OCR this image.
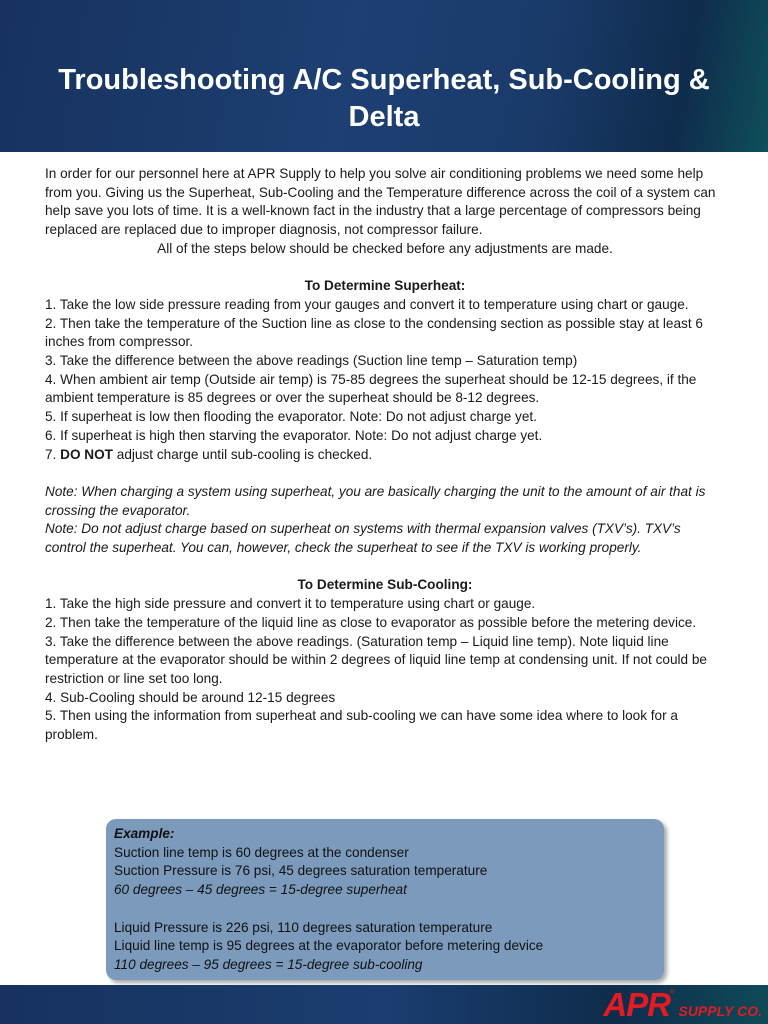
Troubleshooting A/C Superheat, Sub-Cooling & Delta

In order for our personnel here at APR Supply to help you solve air conditioning problems we need some help from you. Giving us the Superheat, Sub-Cooling and the Temperature difference across the coil of a system can help save you lots of time. It is a well-known fact in the industry that a large percentage of compressors being replaced are replaced due to improper diagnosis, not compressor failure.

All of the steps below should be checked before any adjustments are made.

To Determine Superheat:

1. Take the low side pressure reading from your gauges and convert it to temperature using chart or gauge.

2. Then take the temperature of the Suction line as close to the condensing section as possible stay at least 6 inches from compressor.

3. Take the difference between the above readings (Suction line temp – Saturation temp)

4. When ambient air temp (Outside air temp) is 75-85 degrees the superheat should be 12-15 degrees, if the ambient temperature is 85 degrees or over the superheat should be 8-12 degrees.

5. If superheat is low then flooding the evaporator. Note: Do not adjust charge yet.

6. If superheat is high then starving the evaporator. Note: Do not adjust charge yet.

7. DO NOT adjust charge until sub-cooling is checked.

Note: When charging a system using superheat, you are basically charging the unit to the amount of air that is crossing the evaporator.

Note: Do not adjust charge based on superheat on systems with thermal expansion valves (TXV’s). TXV’s control the superheat. You can, however, check the superheat to see if the TXV is working properly.

To Determine Sub-Cooling:

1. Take the high side pressure and convert it to temperature using chart or gauge.

2. Then take the temperature of the liquid line as close to evaporator as possible before the metering device.

3. Take the difference between the above readings. (Saturation temp – Liquid line temp). Note liquid line temperature at the evaporator should be within 2 degrees of liquid line temp at condensing unit. If not could be restriction or line set too long.

4. Sub-Cooling should be around 12-15 degrees

5. Then using the information from superheat and sub-cooling we can have some idea where to look for a problem.

Example:

Suction line temp is 60 degrees at the condenser

Suction Pressure is 76 psi, 45 degrees saturation temperature

60 degrees – 45 degrees = 15-degree superheat

Liquid Pressure is 226 psi, 110 degrees saturation temperature

Liquid line temp is 95 degrees at the evaporator before metering device

110 degrees – 95 degrees = 15-degree sub-cooling

APR ®
SUPPLY CO.
